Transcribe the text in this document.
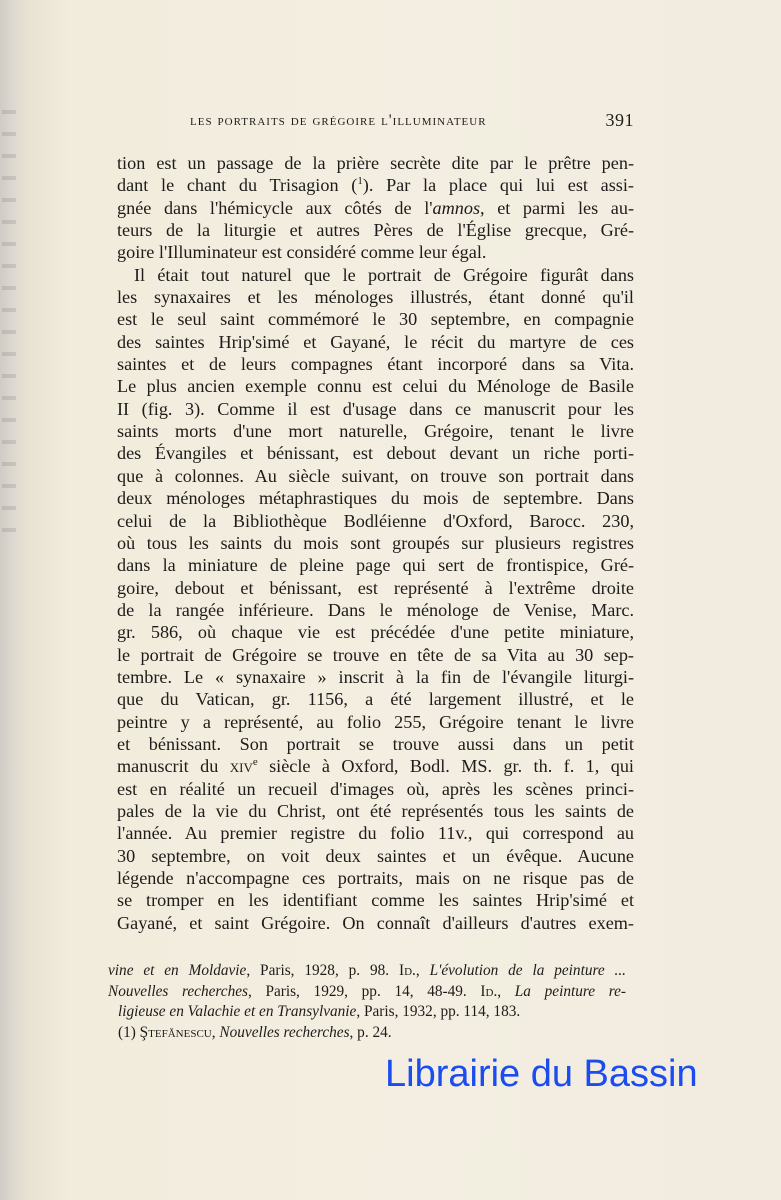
les portraits de grégoire l'illuminateur	391
tion est un passage de la prière secrète dite par le prêtre pen-
dant le chant du Trisagion ($^1$). Par la place qui lui est assi-
gnée dans l'hémicycle aux côtés de l'amnos, et parmi les au-
teurs de la liturgie et autres Pères de l'Église grecque, Gré-
goire l'Illuminateur est considéré comme leur égal.
Il était tout naturel que le portrait de Grégoire figurât dans
les synaxaires et les ménologes illustrés, étant donné qu'il
est le seul saint commémoré le 30 septembre, en compagnie
des saintes Hrip'simé et Gayané, le récit du martyre de ces
saintes et de leurs compagnes étant incorporé dans sa Vita.
Le plus ancien exemple connu est celui du Ménologe de Basile
II (fig. 3). Comme il est d'usage dans ce manuscrit pour les
saints morts d'une mort naturelle, Grégoire, tenant le livre
des Évangiles et bénissant, est debout devant un riche porti-
que à colonnes. Au siècle suivant, on trouve son portrait dans
deux ménologes métaphrastiques du mois de septembre. Dans
celui de la Bibliothèque Bodléienne d'Oxford, Barocc. 230,
où tous les saints du mois sont groupés sur plusieurs registres
dans la miniature de pleine page qui sert de frontispice, Gré-
goire, debout et bénissant, est représenté à l'extrême droite
de la rangée inférieure. Dans le ménologe de Venise, Marc.
gr. 586, où chaque vie est précédée d'une petite miniature,
le portrait de Grégoire se trouve en tête de sa Vita au 30 sep-
tembre. Le « synaxaire » inscrit à la fin de l'évangile liturgi-
que du Vatican, gr. 1156, a été largement illustré, et le
peintre y a représenté, au folio 255, Grégoire tenant le livre
et bénissant. Son portrait se trouve aussi dans un petit
manuscrit du xiv$^e$ siècle à Oxford, Bodl. MS. gr. th. f. 1, qui
est en réalité un recueil d'images où, après les scènes princi-
pales de la vie du Christ, ont été représentés tous les saints de
l'année. Au premier registre du folio 11v., qui correspond au
30 septembre, on voit deux saintes et un évêque. Aucune
légende n'accompagne ces portraits, mais on ne risque pas de
se tromper en les identifiant comme les saintes Hrip'simé et
Gayané, et saint Grégoire. On connaît d'ailleurs d'autres exem-
vine et en Moldavie, Paris, 1928, p. 98. Id., L'évolution de la peinture ...
Nouvelles recherches, Paris, 1929, pp. 14, 48-49. Id., La peinture re-
ligieuse en Valachie et en Transylvanie, Paris, 1932, pp. 114, 183.
(1) Ştefănescu, Nouvelles recherches, p. 24.
Librairie du Bassin
